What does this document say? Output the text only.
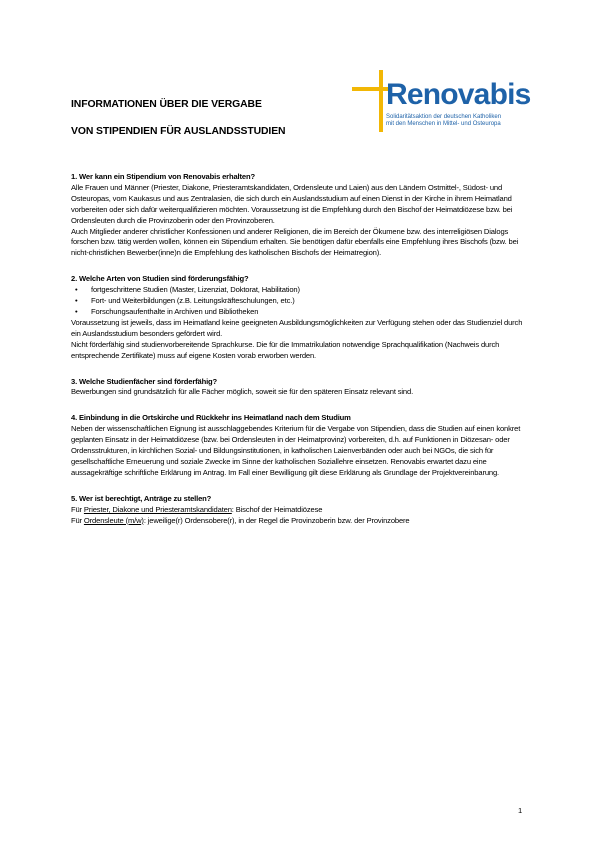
INFORMATIONEN ÜBER DIE VERGABE
VON STIPENDIEN FÜR AUSLANDSSTUDIEN
Renovabis
Solidaritätsaktion der deutschen Katholiken
mit den Menschen in Mittel- und Osteuropa

1. Wer kann ein Stipendium von Renovabis erhalten?

Alle Frauen und Männer (Priester, Diakone, Priesteramtskandidaten, Ordensleute und Laien) aus den Ländern Ostmittel-, Südost- und Osteuropas, vom Kaukasus und aus Zentralasien, die sich durch ein Auslandsstudium auf einen Dienst in der Kirche in ihrem Heimatland vorbereiten oder sich dafür weiterqualifizieren möchten. Voraussetzung ist die Empfehlung durch den Bischof der Heimatdiözese bzw. bei Ordensleuten durch die Provinzoberin oder den Provinzoberen.

Auch Mitglieder anderer christlicher Konfessionen und anderer Religionen, die im Bereich der Ökumene bzw. des interreligiösen Dialogs forschen bzw. tätig werden wollen, können ein Stipendium erhalten. Sie benötigen dafür ebenfalls eine Empfehlung ihres Bischofs (bzw. bei nicht-christlichen Bewerber(inne)n die Empfehlung des katholischen Bischofs der Heimatregion).

2. Welche Arten von Studien sind förderungsfähig?

• fortgeschrittene Studien (Master, Lizenziat, Doktorat, Habilitation)
• Fort- und Weiterbildungen (z.B. Leitungskräfteschulungen, etc.)
• Forschungsaufenthalte in Archiven und Bibliotheken

Voraussetzung ist jeweils, dass im Heimatland keine geeigneten Ausbildungsmöglichkeiten zur Verfügung stehen oder das Studienziel durch ein Auslandsstudium besonders gefördert wird.

Nicht förderfähig sind studienvorbereitende Sprachkurse. Die für die Immatrikulation notwendige Sprachqualifikation (Nachweis durch entsprechende Zertifikate) muss auf eigene Kosten vorab erworben werden.

3. Welche Studienfächer sind förderfähig?

Bewerbungen sind grundsätzlich für alle Fächer möglich, soweit sie für den späteren Einsatz relevant sind.

4. Einbindung in die Ortskirche und Rückkehr ins Heimatland nach dem Studium

Neben der wissenschaftlichen Eignung ist ausschlaggebendes Kriterium für die Vergabe von Stipendien, dass die Studien auf einen konkret geplanten Einsatz in der Heimatdiözese (bzw. bei Ordensleuten in der Heimatprovinz) vorbereiten, d.h. auf Funktionen in Diözesan- oder Ordensstrukturen, in kirchlichen Sozial- und Bildungsinstitutionen, in katholischen Laienverbänden oder auch bei NGOs, die sich für gesellschaftliche Erneuerung und soziale Zwecke im Sinne der katholischen Soziallehre einsetzen. Renovabis erwartet dazu eine aussagekräftige schriftliche Erklärung im Antrag. Im Fall einer Bewilligung gilt diese Erklärung als Grundlage der Projektvereinbarung.

5. Wer ist berechtigt, Anträge zu stellen?

Für Priester, Diakone und Priesteramtskandidaten: Bischof der Heimatdiözese

Für Ordensleute (m/w): jeweilige(r) Ordensobere(r), in der Regel die Provinzoberin bzw. der Provinzobere

1
